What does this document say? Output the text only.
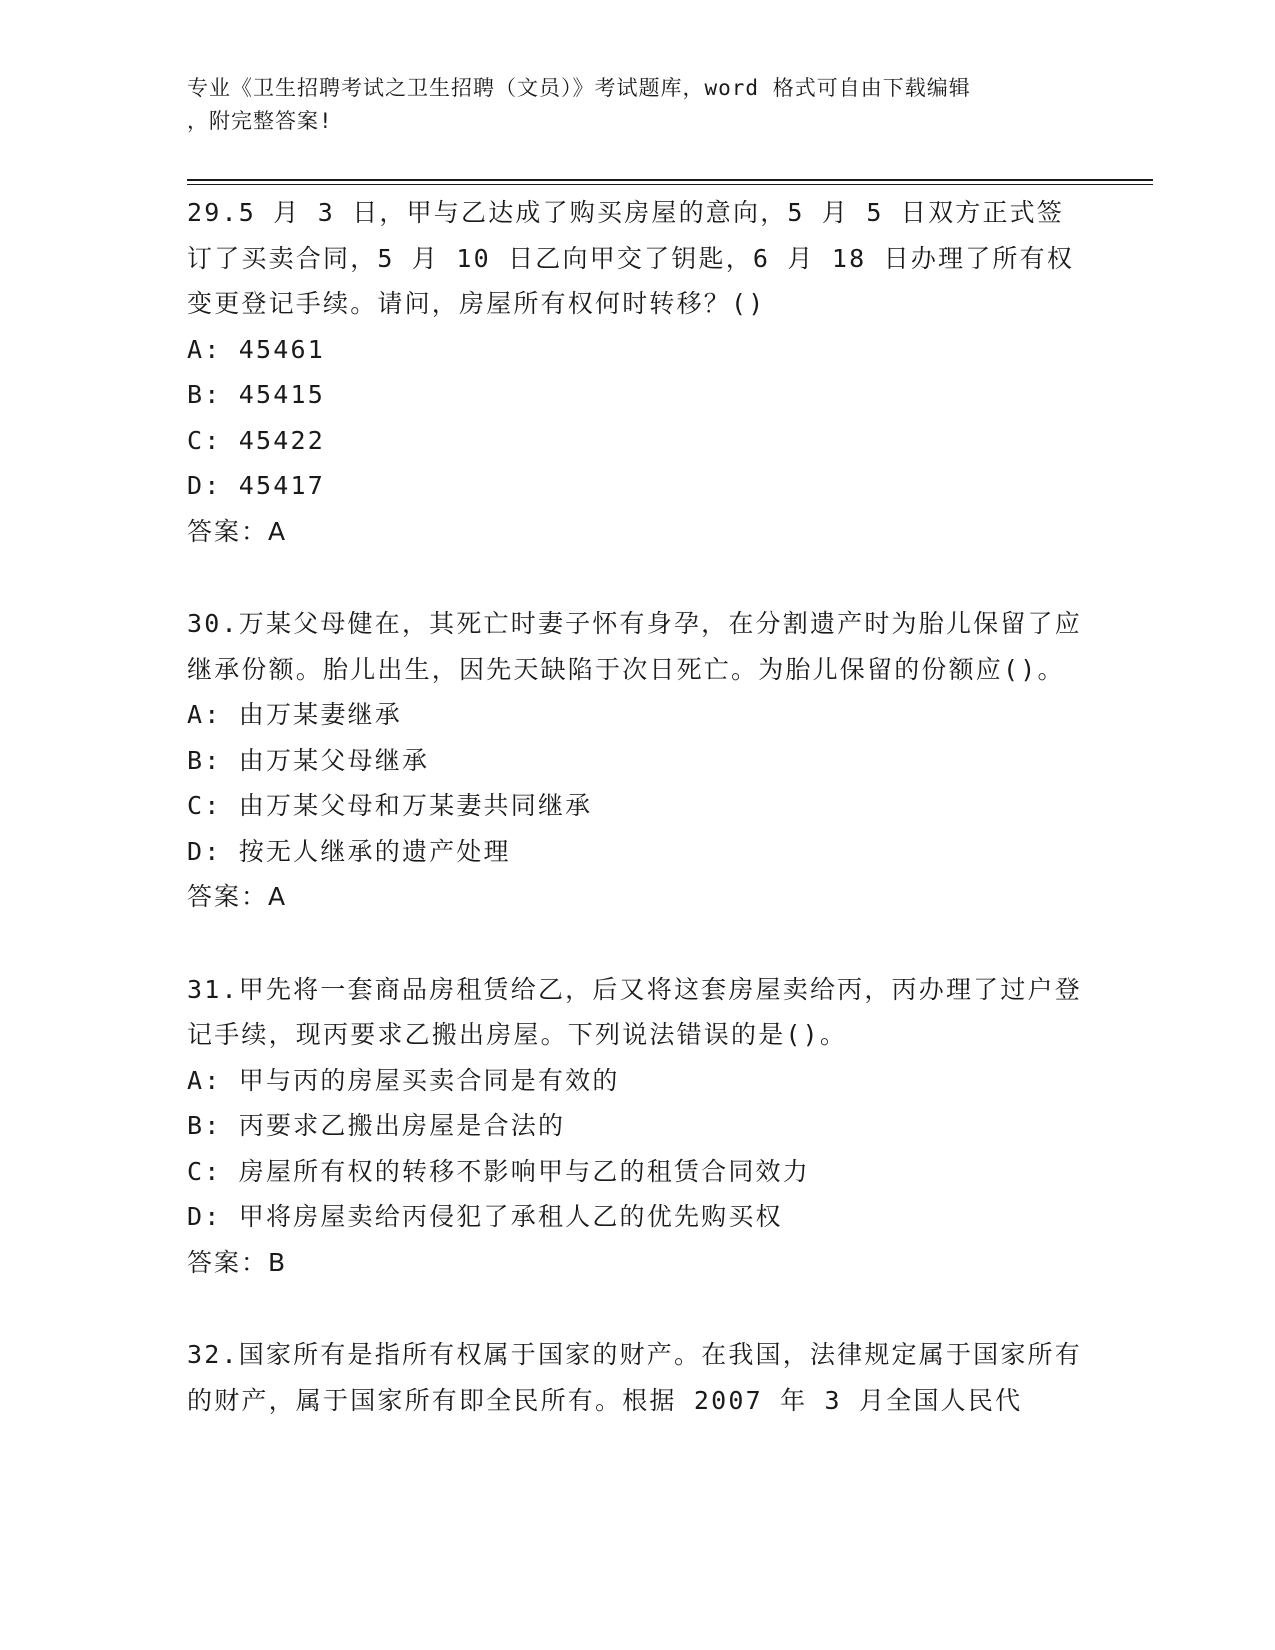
专业《卫生招聘考试之卫生招聘（文员）》考试题库，word 格式可自由下载编辑
，附完整答案!
29.5 月 3 日，甲与乙达成了购买房屋的意向，5 月 5 日双方正式签订了买卖合同，5 月 10 日乙向甲交了钥匙，6 月 18 日办理了所有权变更登记手续。请问，房屋所有权何时转移？()
A: 45461
B: 45415
C: 45422
D: 45417
答案：A
30.万某父母健在，其死亡时妻子怀有身孕，在分割遗产时为胎儿保留了应继承份额。胎儿出生，因先天缺陷于次日死亡。为胎儿保留的份额应()。
A: 由万某妻继承
B: 由万某父母继承
C: 由万某父母和万某妻共同继承
D: 按无人继承的遗产处理
答案：A
31.甲先将一套商品房租赁给乙，后又将这套房屋卖给丙，丙办理了过户登记手续，现丙要求乙搬出房屋。下列说法错误的是()。
A: 甲与丙的房屋买卖合同是有效的
B: 丙要求乙搬出房屋是合法的
C: 房屋所有权的转移不影响甲与乙的租赁合同效力
D: 甲将房屋卖给丙侵犯了承租人乙的优先购买权
答案：B
32.国家所有是指所有权属于国家的财产。在我国，法律规定属于国家所有的财产，属于国家所有即全民所有。根据 2007 年 3 月全国人民代
